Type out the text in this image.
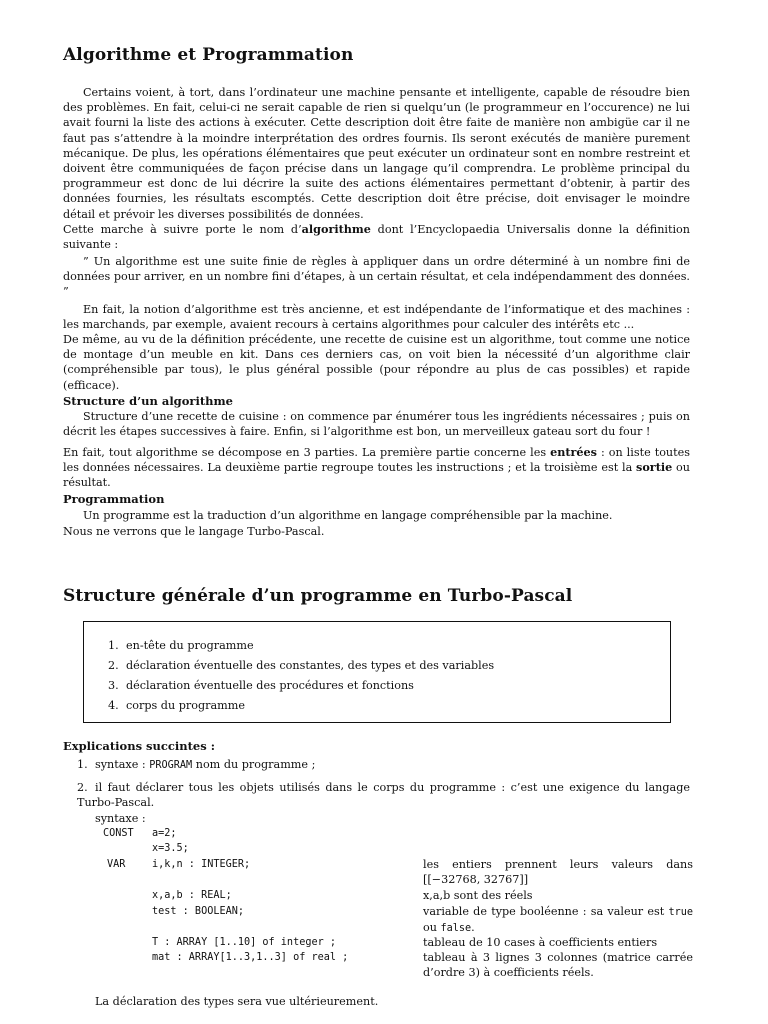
Algorithme et Programmation

Certains voient, à tort, dans l’ordinateur une machine pensante et intelligente, capable de résoudre bien des problèmes. En fait, celui-ci ne serait capable de rien si quelqu’un (le programmeur en l’occurence) ne lui avait fourni la liste des actions à exécuter. Cette description doit être faite de manière non ambigüe car il ne faut pas s’attendre à la moindre interprétation des ordres fournis. Ils seront exécutés de manière purement mécanique. De plus, les opérations élémentaires que peut exécuter un ordinateur sont en nombre restreint et doivent être communiquées de façon précise dans un langage qu’il comprendra. Le problème principal du programmeur est donc de lui décrire la suite des actions élémentaires permettant d’obtenir, à partir des données fournies, les résultats escomptés. Cette description doit être précise, doit envisager le moindre détail et prévoir les diverses possibilités de données.

Cette marche à suivre porte le nom d’algorithme dont l’Encyclopaedia Universalis donne la définition suivante :

” Un algorithme est une suite finie de règles à appliquer dans un ordre déterminé à un nombre fini de données pour arriver, en un nombre fini d’étapes, à un certain résultat, et cela indépendamment des données. ”

En fait, la notion d’algorithme est très ancienne, et est indépendante de l’informatique et des machines : les marchands, par exemple, avaient recours à certains algorithmes pour calculer des intérêts etc ...

De même, au vu de la définition précédente, une recette de cuisine est un algorithme, tout comme une notice de montage d’un meuble en kit. Dans ces derniers cas, on voit bien la nécessité d’un algorithme clair (compréhensible par tous), le plus général possible (pour répondre au plus de cas possibles) et rapide (efficace).

Structure d’un algorithme

Structure d’une recette de cuisine : on commence par énumérer tous les ingrédients nécessaires ; puis on décrit les étapes successives à faire. Enfin, si l’algorithme est bon, un merveilleux gateau sort du four !

En fait, tout algorithme se décompose en 3 parties. La première partie concerne les entrées : on liste toutes les données nécessaires. La deuxième partie regroupe toutes les instructions ; et la troisième est la sortie ou résultat.

Programmation

Un programme est la traduction d’un algorithme en langage compréhensible par la machine.

Nous ne verrons que le langage Turbo-Pascal.

Structure générale d’un programme en Turbo-Pascal
1. en-tête du programme
2. déclaration éventuelle des constantes, des types et des variables
3. déclaration éventuelle des procédures et fonctions
4. corps du programme
Explications succintes :

1. syntaxe : PROGRAM nom du programme ;

2. il faut déclarer tous les objets utilisés dans le corps du programme : c’est une exigence du langage Turbo-Pascal.

syntaxe :

CONST a=2;
x=3.5;
VAR	i,k,n : INTEGER;
x,a,b : REAL;
test : BOOLEAN;
T : ARRAY [1..10] of integer ;
mat : ARRAY[1..3,1..3] of real ;
les entiers prennent leurs valeurs dans [[−32768, 32767]]
x,a,b sont des réels
variable de type booléenne : sa valeur est true ou false.
tableau de 10 cases à coefficients entiers
tableau à 3 lignes 3 colonnes (matrice carrée d’ordre 3) à coefficients réels.

La déclaration des types sera vue ultérieurement.
